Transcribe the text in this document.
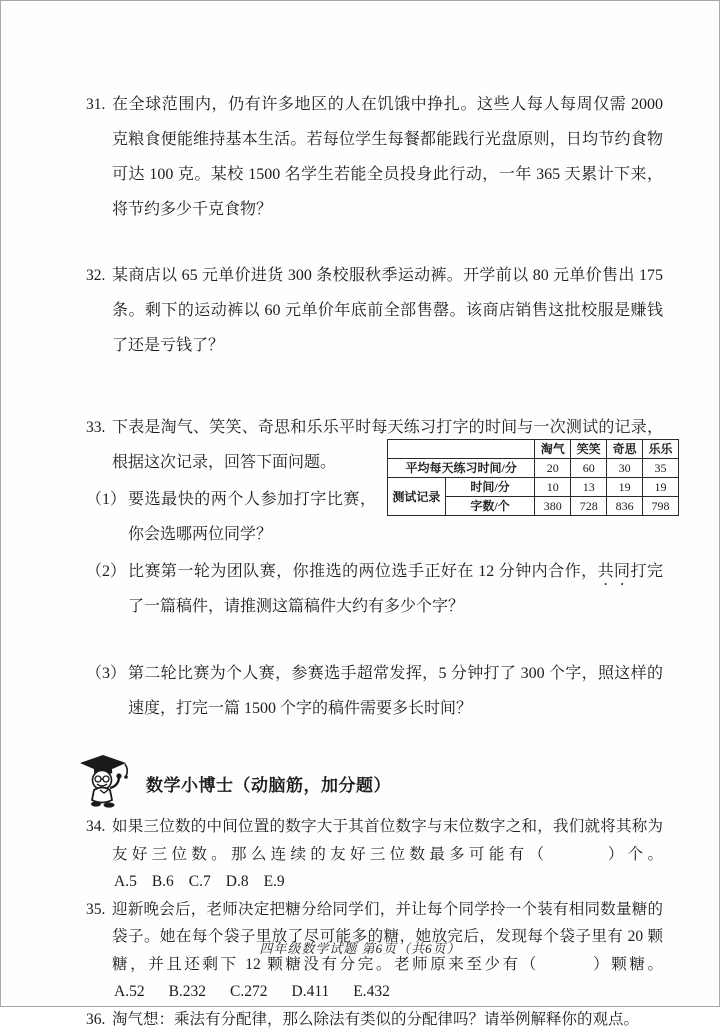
31. 在全球范围内，仍有许多地区的人在饥饿中挣扎。这些人每人每周仅需 2000 克粮食便能维持基本生活。若每位学生每餐都能践行光盘原则，日均节约食物可达 100 克。某校 1500 名学生若能全员投身此行动，一年 365 天累计下来，将节约多少千克食物？
32. 某商店以 65 元单价进货 300 条校服秋季运动裤。开学前以 80 元单价售出 175 条。剩下的运动裤以 60 元单价年底前全部售罄。该商店销售这批校服是赚钱了还是亏钱了？
33. 下表是淘气、笑笑、奇思和乐乐平时每天练习打字的时间与一次测试的记录，根据这次记录，回答下面问题。
		淘气	笑笑	奇思	乐乐
平均每天练习时间/分		20	60	30	35
测试记录	时间/分	10	13	19	19
	字数/个	380	728	836	798
（1） 要选最快的两个人参加打字比赛，你会选哪两位同学？
（2） 比赛第一轮为团队赛，你推选的两位选手正好在 12 分钟内合作，共同打完了一篇稿件，请推测这篇稿件大约有多少个字？
（3） 第二轮比赛为个人赛，参赛选手超常发挥，5 分钟打了 300 个字，照这样的速度，打完一篇 1500 个字的稿件需要多长时间？
数学小博士（动脑筋，加分题）
34. 如果三位数的中间位置的数字大于其首位数字与末位数字之和，我们就将其称为友好三位数。那么连续的友好三位数最多可能有（　　　）个。A.5 B.6 C.7 D.8 E.9
35. 迎新晚会后，老师决定把糖分给同学们，并让每个同学拎一个装有相同数量糖的袋子。她在每个袋子里放了尽可能多的糖，她放完后，发现每个袋子里有 20 颗糖，并且还剩下 12 颗糖没有分完。老师原来至少有（　　　）颗糖。A.52 B.232 C.272 D.411 E.432
36. 淘气想：乘法有分配律，那么除法有类似的分配律吗？请举例解释你的观点。
四年级数学试题 第6页（共6页）
